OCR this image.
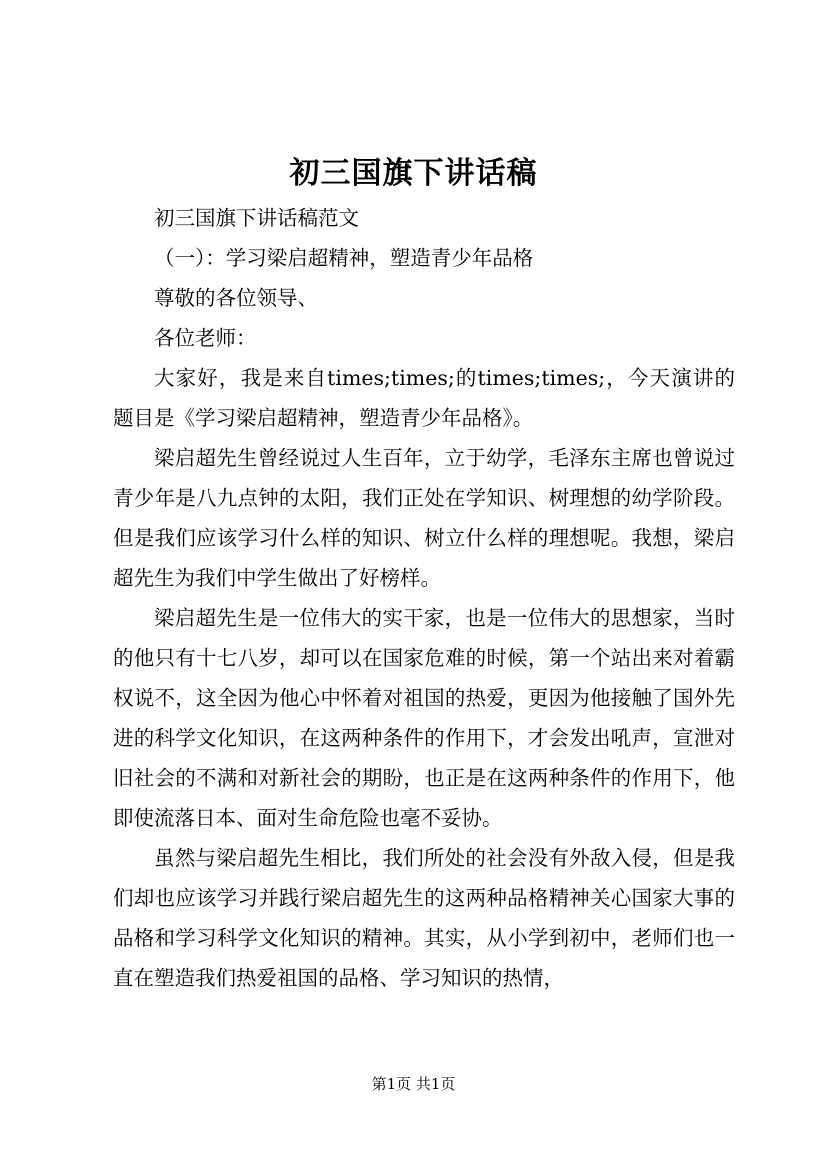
初三国旗下讲话稿

初三国旗下讲话稿范文

（一）：学习梁启超精神，塑造青少年品格

尊敬的各位领导、

各位老师：

大家好，我是来自times;times;的times;times;，今天演讲的题目是《学习梁启超精神，塑造青少年品格》。

梁启超先生曾经说过人生百年，立于幼学，毛泽东主席也曾说过青少年是八九点钟的太阳，我们正处在学知识、树理想的幼学阶段。但是我们应该学习什么样的知识、树立什么样的理想呢。我想，梁启超先生为我们中学生做出了好榜样。

梁启超先生是一位伟大的实干家，也是一位伟大的思想家，当时的他只有十七八岁，却可以在国家危难的时候，第一个站出来对着霸权说不，这全因为他心中怀着对祖国的热爱，更因为他接触了国外先进的科学文化知识，在这两种条件的作用下，才会发出吼声，宣泄对旧社会的不满和对新社会的期盼，也正是在这两种条件的作用下，他即使流落日本、面对生命危险也毫不妥协。

虽然与梁启超先生相比，我们所处的社会没有外敌入侵，但是我们却也应该学习并践行梁启超先生的这两种品格精神关心国家大事的品格和学习科学文化知识的精神。其实，从小学到初中，老师们也一直在塑造我们热爱祖国的品格、学习知识的热情，

第1页 共1页
